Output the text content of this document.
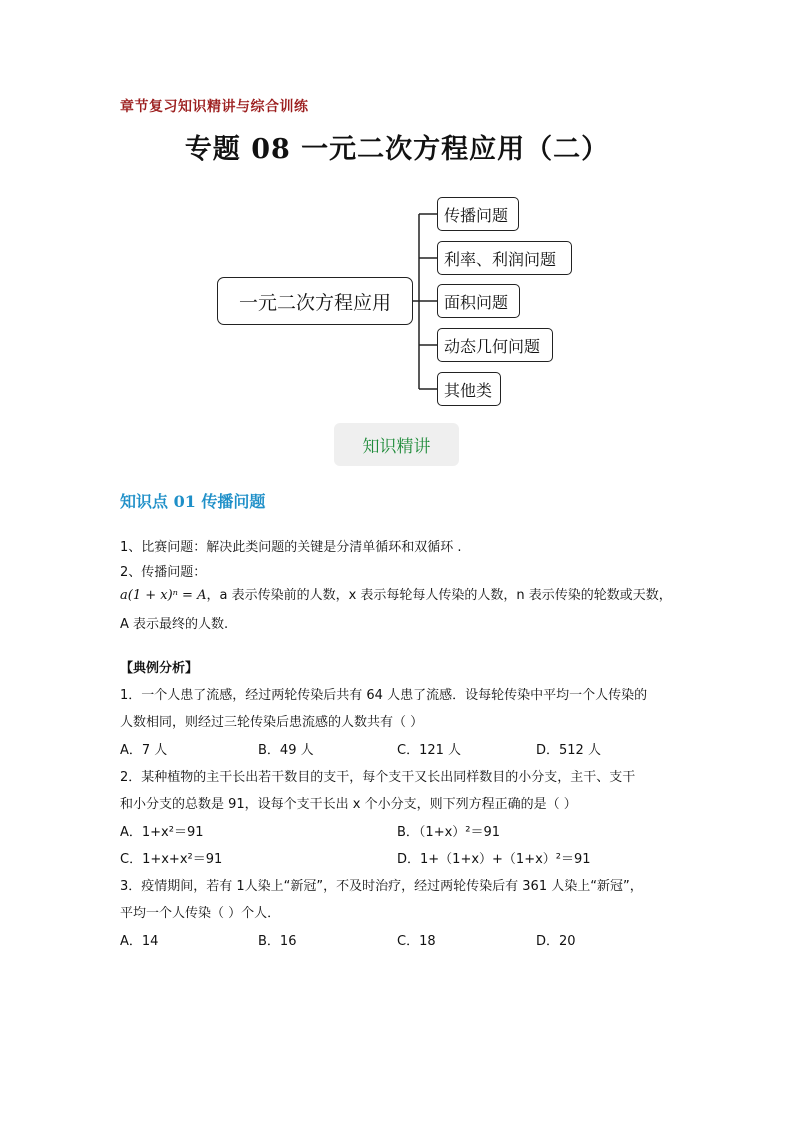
章节复习知识精讲与综合训练
专题 08 一元二次方程应用（二）
一元二次方程应用
传播问题
利率、利润问题
面积问题
动态几何问题
其他类
知识精讲
知识点 01 传播问题
1、比赛问题：解决此类问题的关键是分清单循环和双循环 .
2、传播问题：
a(1 + x)ⁿ = A，a 表示传染前的人数，x 表示每轮每人传染的人数，n 表示传染的轮数或天数，
A 表示最终的人数.
【典例分析】
1．一个人患了流感，经过两轮传染后共有 64 人患了流感．设每轮传染中平均一个人传染的
人数相同，则经过三轮传染后患流感的人数共有（ ）
A．7 人	B．49 人	C．121 人	D．512 人
2．某种植物的主干长出若干数目的支干，每个支干又长出同样数目的小分支，主干、支干
和小分支的总数是 91，设每个支干长出 x 个小分支，则下列方程正确的是（ ）
A．1+x²＝91	B．（1+x）²＝91
C．1+x+x²＝91	D．1+（1+x）+（1+x）²＝91
3．疫情期间，若有 1人染上“新冠”，不及时治疗，经过两轮传染后有 361 人染上“新冠”，
平均一个人传染（ ）个人．
A．14	B．16	C．18	D．20
